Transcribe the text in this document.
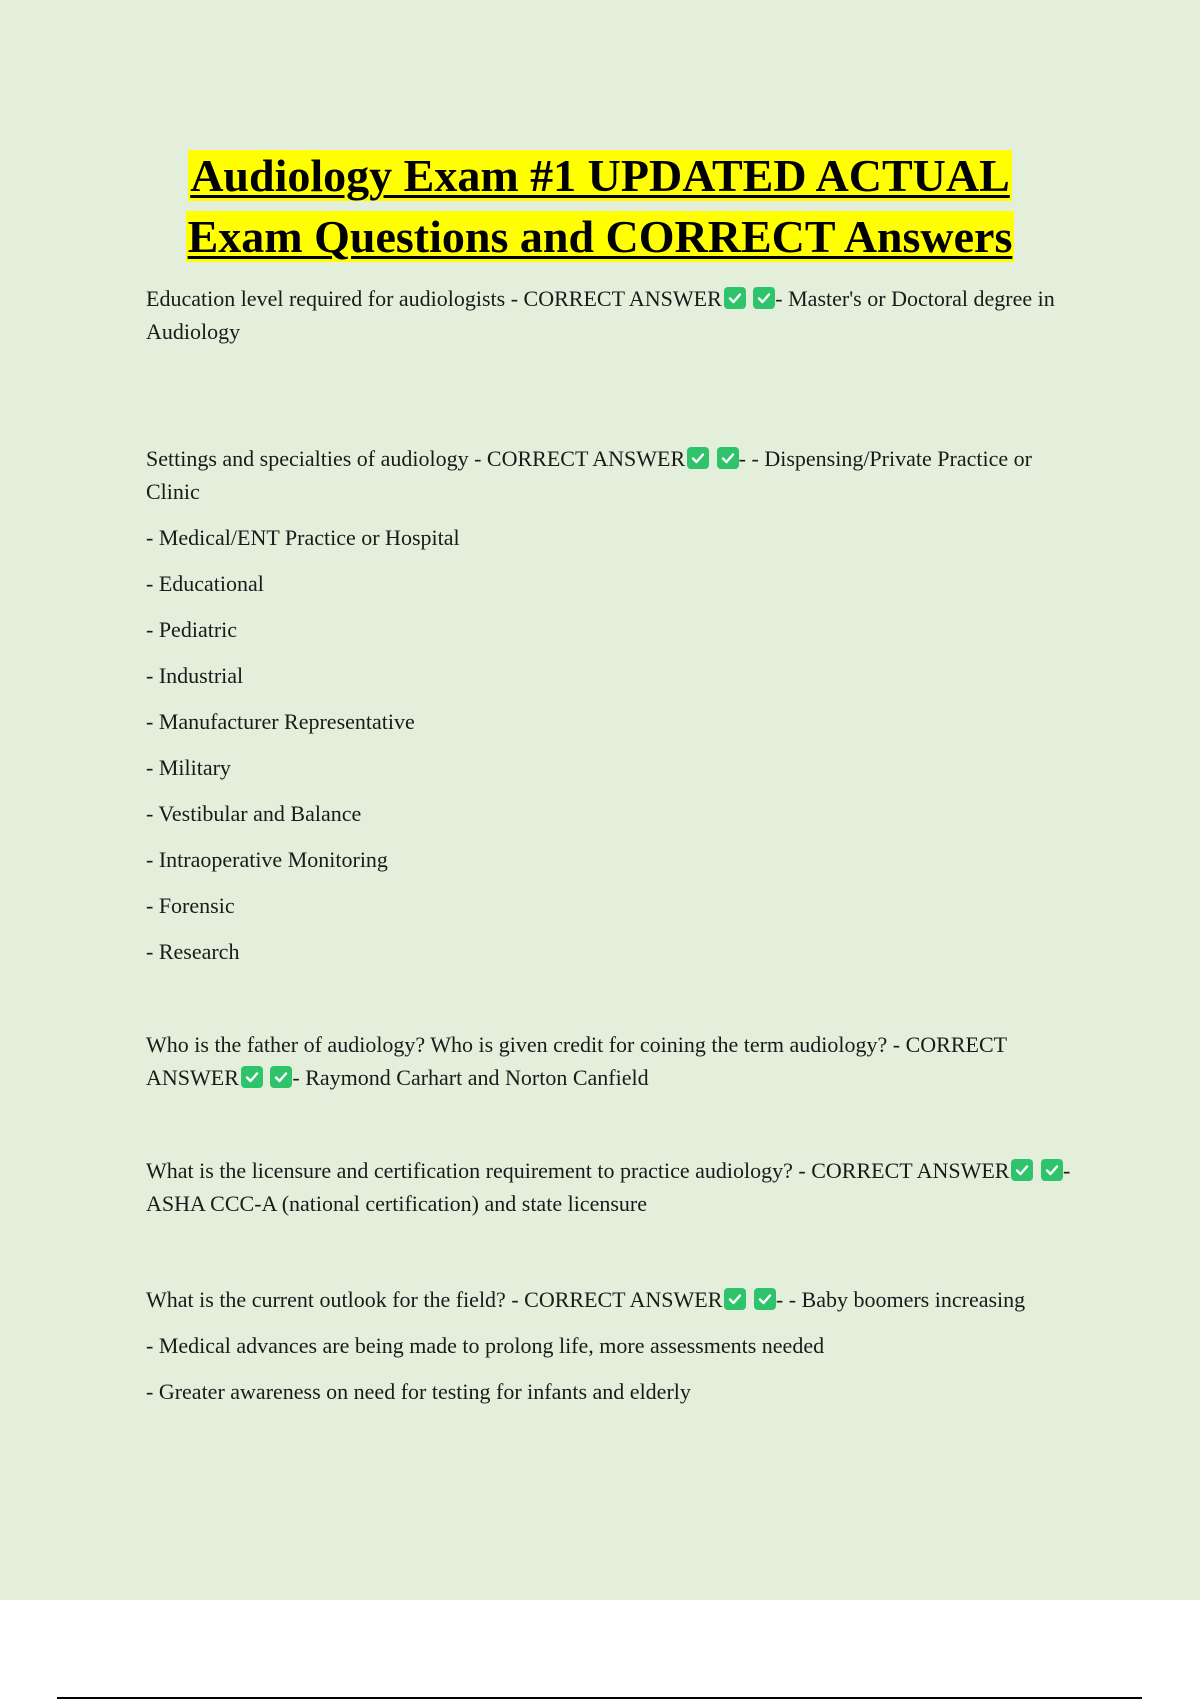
Audiology Exam #1 UPDATED ACTUAL
Exam Questions and CORRECT Answers

Education level required for audiologists - CORRECT ANSWER
- Master's or Doctoral degree in Audiology

Settings and specialties of audiology - CORRECT ANSWER
- - Dispensing/Private Practice or Clinic

- Medical/ENT Practice or Hospital
- Educational
- Pediatric
- Industrial
- Manufacturer Representative
- Military
- Vestibular and Balance
- Intraoperative Monitoring
- Forensic
- Research

Who is the father of audiology? Who is given credit for coining the term audiology? - CORRECT ANSWER
- Raymond Carhart and Norton Canfield

What is the licensure and certification requirement to practice audiology? - CORRECT ANSWER
- ASHA CCC-A (national certification) and state licensure

What is the current outlook for the field? - CORRECT ANSWER
- - Baby boomers increasing

- Medical advances are being made to prolong life, more assessments needed
- Greater awareness on need for testing for infants and elderly
